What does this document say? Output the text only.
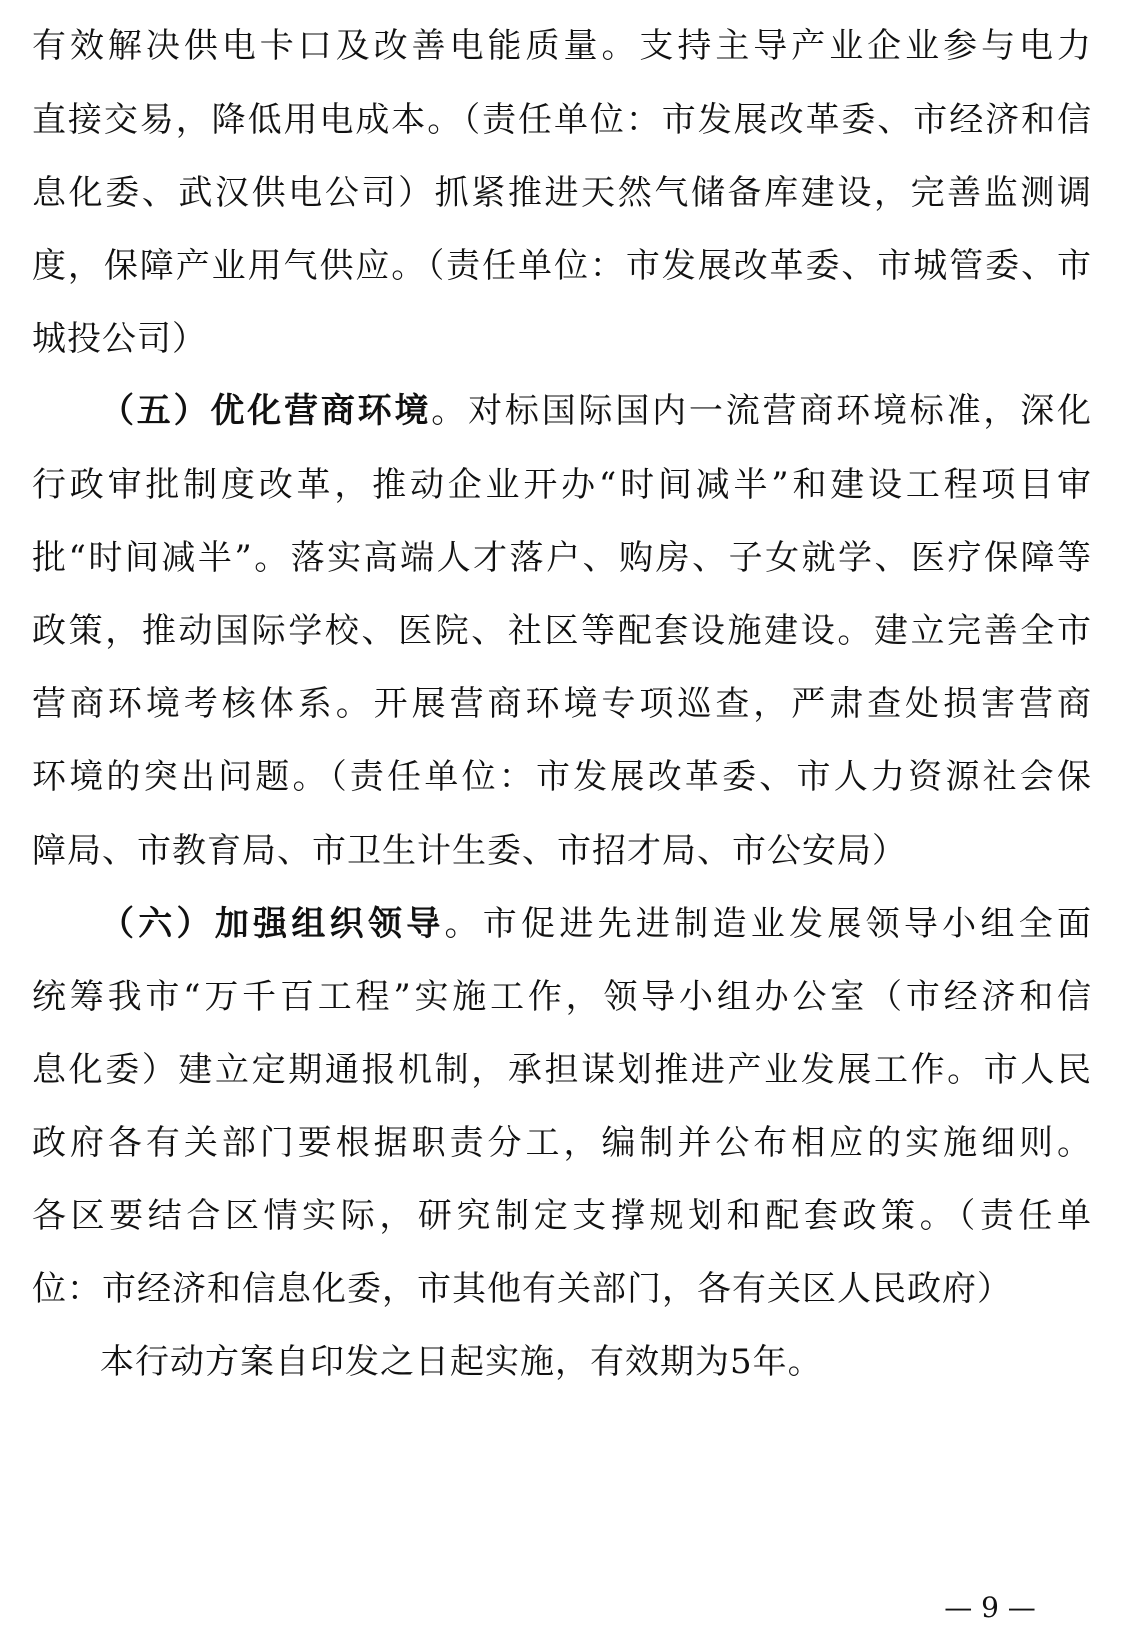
有效解决供电卡口及改善电能质量。支持主导产业企业参与电力
直接交易，降低用电成本。（责任单位：市发展改革委、市经济和信
息化委、武汉供电公司）抓紧推进天然气储备库建设，完善监测调
度，保障产业用气供应。（责任单位：市发展改革委、市城管委、市
城投公司）
（五）优化营商环境。对标国际国内一流营商环境标准，深化
行政审批制度改革，推动企业开办“时间减半”和建设工程项目审
批“时间减半”。落实高端人才落户、购房、子女就学、医疗保障等
政策，推动国际学校、医院、社区等配套设施建设。建立完善全市
营商环境考核体系。开展营商环境专项巡查，严肃查处损害营商
环境的突出问题。（责任单位：市发展改革委、市人力资源社会保
障局、市教育局、市卫生计生委、市招才局、市公安局）
（六）加强组织领导。市促进先进制造业发展领导小组全面
统筹我市“万千百工程”实施工作，领导小组办公室（市经济和信
息化委）建立定期通报机制，承担谋划推进产业发展工作。市人民
政府各有关部门要根据职责分工，编制并公布相应的实施细则。
各区要结合区情实际，研究制定支撑规划和配套政策。（责任单
位：市经济和信息化委，市其他有关部门，各有关区人民政府）
本行动方案自印发之日起实施，有效期为5年。
— 9 —
